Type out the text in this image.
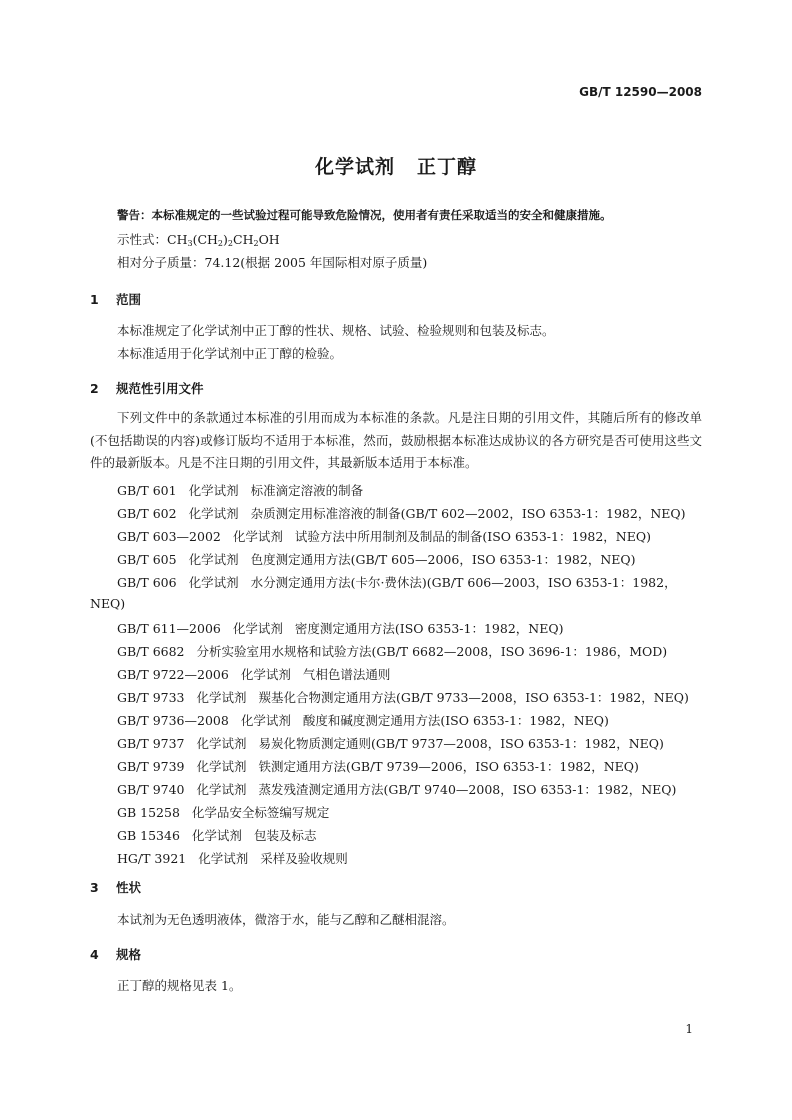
GB/T 12590—2008
化学试剂 正丁醇
警告：本标准规定的一些试验过程可能导致危险情况，使用者有责任采取适当的安全和健康措施。
示性式：$CH_3(CH_2)_2CH_2OH$
相对分子质量：74.12(根据 2005 年国际相对原子质量)
1 范围
本标准规定了化学试剂中正丁醇的性状、规格、试验、检验规则和包装及标志。
本标准适用于化学试剂中正丁醇的检验。
2 规范性引用文件
下列文件中的条款通过本标准的引用而成为本标准的条款。凡是注日期的引用文件，其随后所有的修改单(不包括勘误的内容)或修订版均不适用于本标准，然而，鼓励根据本标准达成协议的各方研究是否可使用这些文件的最新版本。凡是不注日期的引用文件，其最新版本适用于本标准。
GB/T 601 化学试剂 标准滴定溶液的制备
GB/T 602 化学试剂 杂质测定用标准溶液的制备(GB/T 602—2002，ISO 6353-1：1982，NEQ)
GB/T 603—2002 化学试剂 试验方法中所用制剂及制品的制备(ISO 6353-1：1982，NEQ)
GB/T 605 化学试剂 色度测定通用方法(GB/T 605—2006，ISO 6353-1：1982，NEQ)
GB/T 606 化学试剂 水分测定通用方法(卡尔·费休法)(GB/T 606—2003，ISO 6353-1：1982，
NEQ)
GB/T 611—2006 化学试剂 密度测定通用方法(ISO 6353-1：1982，NEQ)
GB/T 6682 分析实验室用水规格和试验方法(GB/T 6682—2008，ISO 3696-1：1986，MOD)
GB/T 9722—2006 化学试剂 气相色谱法通则
GB/T 9733 化学试剂 羰基化合物测定通用方法(GB/T 9733—2008，ISO 6353-1：1982，NEQ)
GB/T 9736—2008 化学试剂 酸度和碱度测定通用方法(ISO 6353-1：1982，NEQ)
GB/T 9737 化学试剂 易炭化物质测定通则(GB/T 9737—2008，ISO 6353-1：1982，NEQ)
GB/T 9739 化学试剂 铁测定通用方法(GB/T 9739—2006，ISO 6353-1：1982，NEQ)
GB/T 9740 化学试剂 蒸发残渣测定通用方法(GB/T 9740—2008，ISO 6353-1：1982，NEQ)
GB 15258 化学品安全标签编写规定
GB 15346 化学试剂 包装及标志
HG/T 3921 化学试剂 采样及验收规则
3 性状
本试剂为无色透明液体，微溶于水，能与乙醇和乙醚相混溶。
4 规格
正丁醇的规格见表 1。
1
